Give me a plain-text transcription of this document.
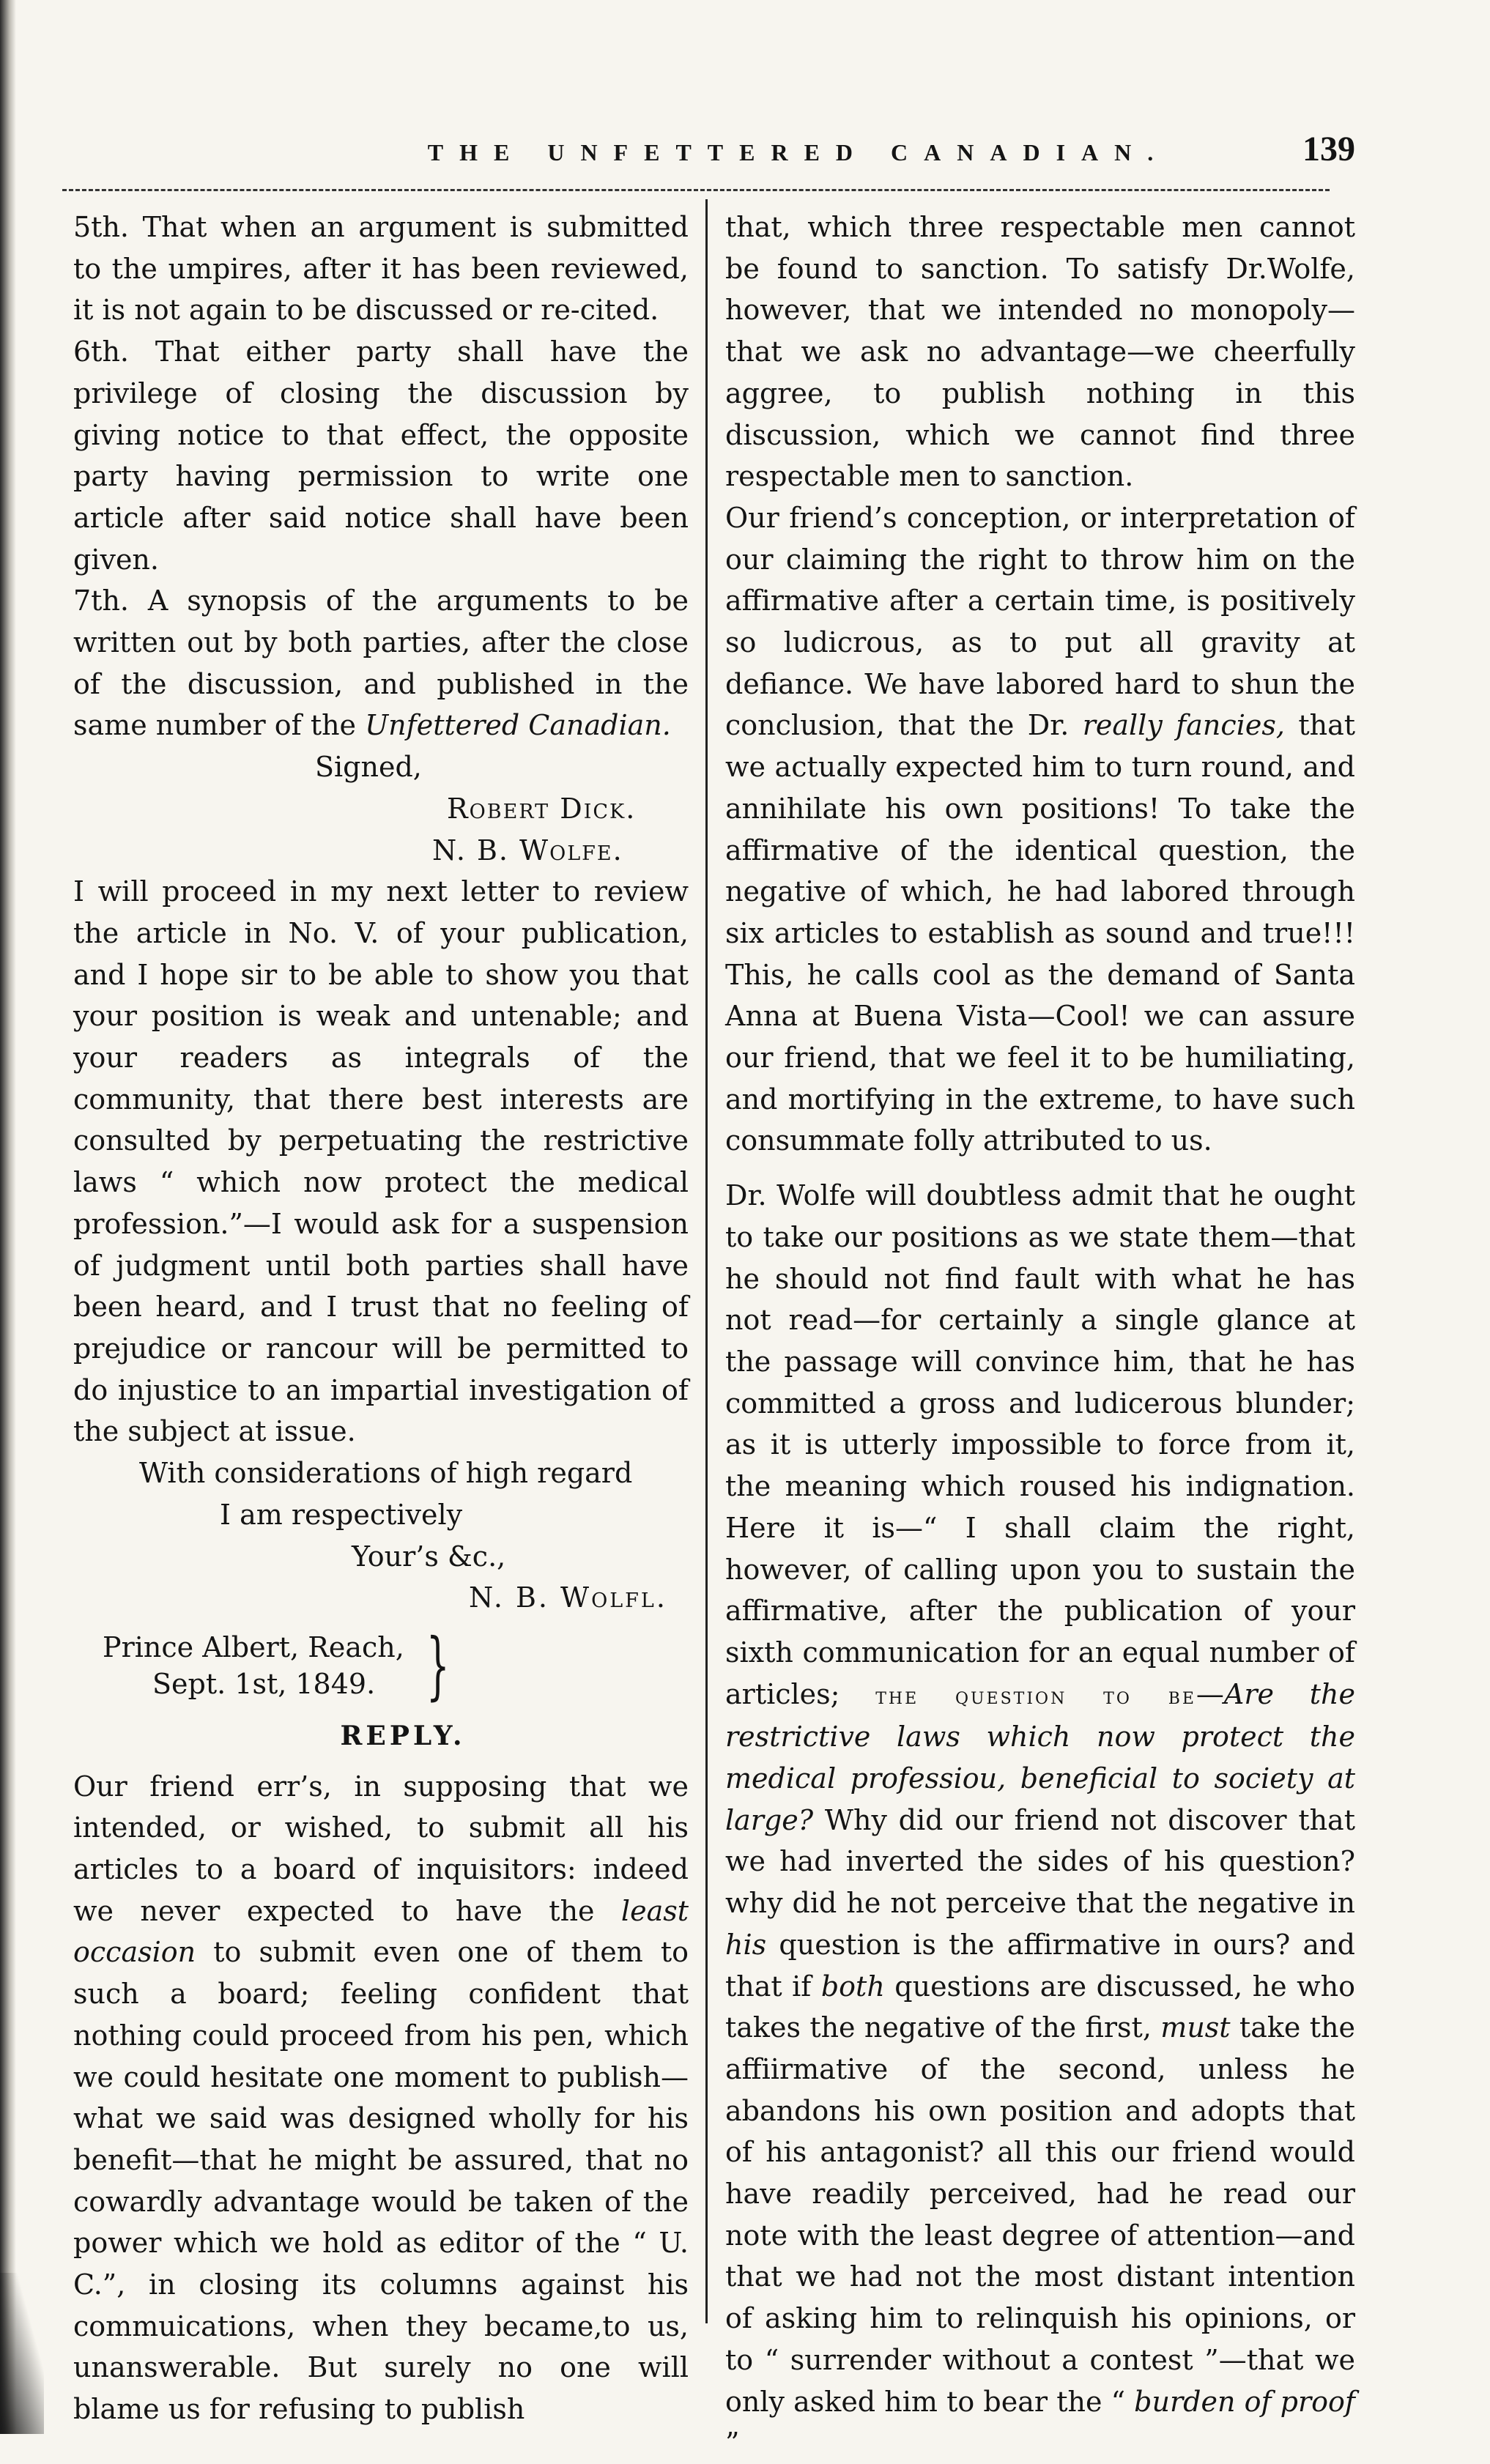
THE UNFETTERED CANADIAN.	139

5th. That when an argument is submitted to the umpires, after it has been reviewed, it is not again to be discussed or re-cited.

6th. That either party shall have the privilege of closing the discussion by giving notice to that effect, the opposite party having permission to write one article after said notice shall have been given.

7th. A synopsis of the arguments to be written out by both parties, after the close of the discussion, and published in the same number of the Unfettered Canadian.

Signed,

Robert Dick.

N. B. Wolfe.

I will proceed in my next letter to review the article in No. V. of your publication, and I hope sir to be able to show you that your position is weak and untenable; and your readers as integrals of the community, that there best interests are consulted by perpetuating the restrictive laws “ which now protect the medical profession.”—I would ask for a suspension of judgment until both parties shall have been heard, and I trust that no feeling of prejudice or rancour will be permitted to do injustice to an impartial investigation of the subject at issue.

With considerations of high regard

I am respectively

Your’s &c.,

N. B. Wolfl.

Prince Albert, Reach,
Sept. 1st, 1849. }
REPLY.

Our friend err’s, in supposing that we intended, or wished, to submit all his articles to a board of inquisitors: indeed we never expected to have the least occasion to submit even one of them to such a board; feeling confident that nothing could proceed from his pen, which we could hesitate one moment to publish—what we said was designed wholly for his benefit—that he might be assured, that no cowardly advantage would be taken of the power which we hold as editor of the “ U. C.”, in closing its columns against his commuications, when they became,to us, unanswerable. But surely no one will blame us for refusing to publish

that, which three respectable men cannot be found to sanction. To satisfy Dr.Wolfe, however, that we intended no monopoly—that we ask no advantage—we cheerfully aggree, to publish nothing in this discussion, which we cannot find three respectable men to sanction.

Our friend’s conception, or interpretation of our claiming the right to throw him on the affirmative after a certain time, is positively so ludicrous, as to put all gravity at defiance. We have labored hard to shun the conclusion, that the Dr. really fancies, that we actually expected him to turn round, and annihilate his own positions! To take the affirmative of the identical question, the negative of which, he had labored through six articles to establish as sound and true!!! This, he calls cool as the demand of Santa Anna at Buena Vista—Cool! we can assure our friend, that we feel it to be humiliating, and mortifying in the extreme, to have such consummate folly attributed to us.

Dr. Wolfe will doubtless admit that he ought to take our positions as we state them—that he should not find fault with what he has not read—for certainly a single glance at the passage will convince him, that he has committed a gross and ludicerous blunder; as it is utterly impossible to force from it, the meaning which roused his indignation. Here it is—“ I shall claim the right, however, of calling upon you to sustain the affirmative, after the publication of your sixth communication for an equal number of articles; the question to be—Are the restrictive laws which now protect the medical professiou, beneficial to society at large? Why did our friend not discover that we had inverted the sides of his question? why did he not perceive that the negative in his question is the affirmative in ours? and that if both questions are discussed, he who takes the negative of the first, must take the affiirmative of the second, unless he abandons his own position and adopts that of his antagonist? all this our friend would have readily perceived, had he read our note with the least degree of attention—and that we had not the most distant intention of asking him to relinquish his opinions, or to “ surrender without a contest ”—that we only asked him to bear the “ burden of proof ”
